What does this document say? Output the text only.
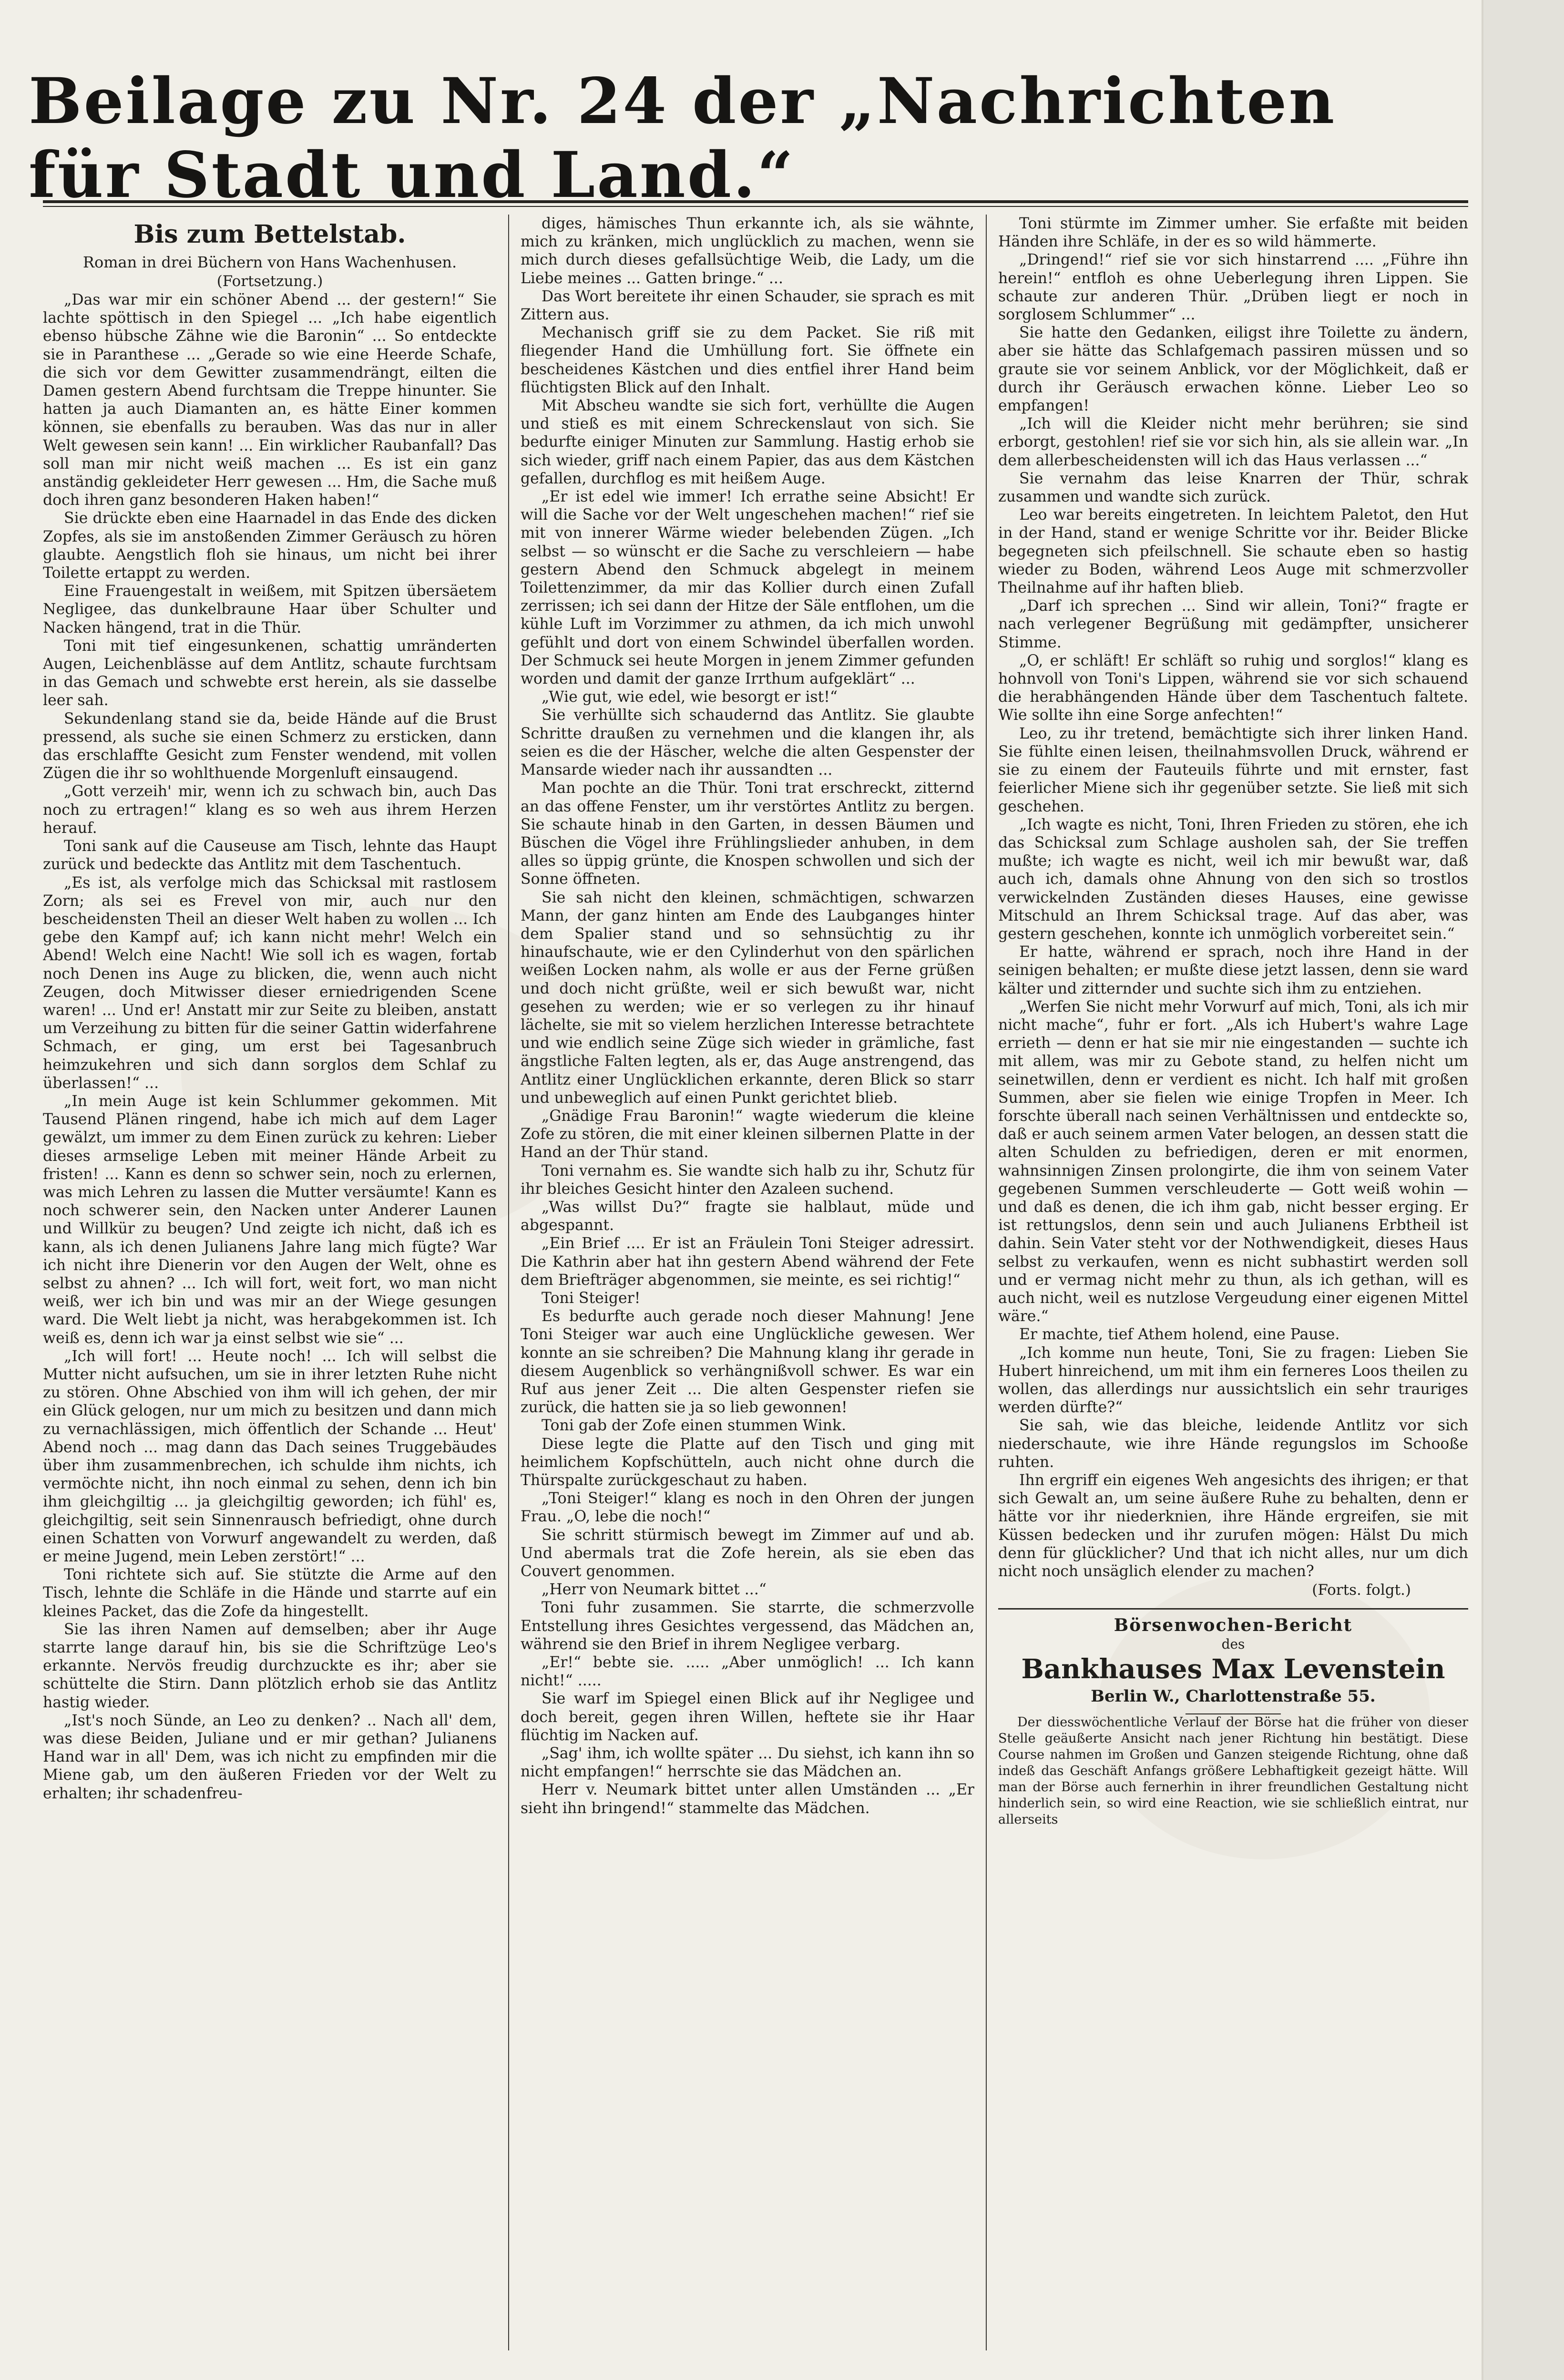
Beilage zu Nr. 24 der „Nachrichten für Stadt und Land.“
Bis zum Bettelstab.

Roman in drei Büchern von Hans Wachenhusen.

(Fortsetzung.)

„Das war mir ein schöner Abend ... der gestern!“ Sie lachte spöttisch in den Spiegel ... „Ich habe eigentlich ebenso hübsche Zähne wie die Baronin“ ... So entdeckte sie in Paranthese ... „Gerade so wie eine Heerde Schafe, die sich vor dem Gewitter zusammendrängt, eilten die Damen gestern Abend furchtsam die Treppe hinunter. Sie hatten ja auch Diamanten an, es hätte Einer kommen können, sie ebenfalls zu berauben. Was das nur in aller Welt gewesen sein kann! ... Ein wirklicher Raubanfall? Das soll man mir nicht weiß machen ... Es ist ein ganz anständig gekleideter Herr gewesen ... Hm, die Sache muß doch ihren ganz besonderen Haken haben!“

Sie drückte eben eine Haarnadel in das Ende des dicken Zopfes, als sie im anstoßenden Zimmer Geräusch zu hören glaubte. Aengstlich floh sie hinaus, um nicht bei ihrer Toilette ertappt zu werden.

Eine Frauengestalt in weißem, mit Spitzen übersäetem Negligee, das dunkelbraune Haar über Schulter und Nacken hängend, trat in die Thür.

Toni mit tief eingesunkenen, schattig umränderten Augen, Leichenblässe auf dem Antlitz, schaute furchtsam in das Gemach und schwebte erst herein, als sie dasselbe leer sah.

Sekundenlang stand sie da, beide Hände auf die Brust pressend, als suche sie einen Schmerz zu ersticken, dann das erschlaffte Gesicht zum Fenster wendend, mit vollen Zügen die ihr so wohlthuende Morgenluft einsaugend.

„Gott verzeih' mir, wenn ich zu schwach bin, auch Das noch zu ertragen!“ klang es so weh aus ihrem Herzen herauf.

Toni sank auf die Causeuse am Tisch, lehnte das Haupt zurück und bedeckte das Antlitz mit dem Taschentuch.

„Es ist, als verfolge mich das Schicksal mit rastlosem Zorn; als sei es Frevel von mir, auch nur den bescheidensten Theil an dieser Welt haben zu wollen ... Ich gebe den Kampf auf; ich kann nicht mehr! Welch ein Abend! Welch eine Nacht! Wie soll ich es wagen, fortab noch Denen ins Auge zu blicken, die, wenn auch nicht Zeugen, doch Mitwisser dieser erniedrigenden Scene waren! ... Und er! Anstatt mir zur Seite zu bleiben, anstatt um Verzeihung zu bitten für die seiner Gattin widerfahrene Schmach, er ging, um erst bei Tagesanbruch heimzukehren und sich dann sorglos dem Schlaf zu überlassen!“ ...

„In mein Auge ist kein Schlummer gekommen. Mit Tausend Plänen ringend, habe ich mich auf dem Lager gewälzt, um immer zu dem Einen zurück zu kehren: Lieber dieses armselige Leben mit meiner Hände Arbeit zu fristen! ... Kann es denn so schwer sein, noch zu erlernen, was mich Lehren zu lassen die Mutter versäumte! Kann es noch schwerer sein, den Nacken unter Anderer Launen und Willkür zu beugen? Und zeigte ich nicht, daß ich es kann, als ich denen Julianens Jahre lang mich fügte? War ich nicht ihre Dienerin vor den Augen der Welt, ohne es selbst zu ahnen? ... Ich will fort, weit fort, wo man nicht weiß, wer ich bin und was mir an der Wiege gesungen ward. Die Welt liebt ja nicht, was herabgekommen ist. Ich weiß es, denn ich war ja einst selbst wie sie“ ...

„Ich will fort! ... Heute noch! ... Ich will selbst die Mutter nicht aufsuchen, um sie in ihrer letzten Ruhe nicht zu stören. Ohne Abschied von ihm will ich gehen, der mir ein Glück gelogen, nur um mich zu besitzen und dann mich zu vernachlässigen, mich öffentlich der Schande ... Heut' Abend noch ... mag dann das Dach seines Truggebäudes über ihm zusammenbrechen, ich schulde ihm nichts, ich vermöchte nicht, ihn noch einmal zu sehen, denn ich bin ihm gleichgiltig ... ja gleichgiltig geworden; ich fühl' es, gleichgiltig, seit sein Sinnenrausch befriedigt, ohne durch einen Schatten von Vorwurf angewandelt zu werden, daß er meine Jugend, mein Leben zerstört!“ ...

Toni richtete sich auf. Sie stützte die Arme auf den Tisch, lehnte die Schläfe in die Hände und starrte auf ein kleines Packet, das die Zofe da hingestellt.

Sie las ihren Namen auf demselben; aber ihr Auge starrte lange darauf hin, bis sie die Schriftzüge Leo's erkannte. Nervös freudig durchzuckte es ihr; aber sie schüttelte die Stirn. Dann plötzlich erhob sie das Antlitz hastig wieder.

„Ist's noch Sünde, an Leo zu denken? .. Nach all' dem, was diese Beiden, Juliane und er mir gethan? Julianens Hand war in all' Dem, was ich nicht zu empfinden mir die Miene gab, um den äußeren Frieden vor der Welt zu erhalten; ihr schadenfreu-

diges, hämisches Thun erkannte ich, als sie wähnte, mich zu kränken, mich unglücklich zu machen, wenn sie mich durch dieses gefallsüchtige Weib, die Lady, um die Liebe meines ... Gatten bringe.“ ...

Das Wort bereitete ihr einen Schauder, sie sprach es mit Zittern aus.

Mechanisch griff sie zu dem Packet. Sie riß mit fliegender Hand die Umhüllung fort. Sie öffnete ein bescheidenes Kästchen und dies entfiel ihrer Hand beim flüchtigsten Blick auf den Inhalt.

Mit Abscheu wandte sie sich fort, verhüllte die Augen und stieß es mit einem Schreckenslaut von sich. Sie bedurfte einiger Minuten zur Sammlung. Hastig erhob sie sich wieder, griff nach einem Papier, das aus dem Kästchen gefallen, durchflog es mit heißem Auge.

„Er ist edel wie immer! Ich errathe seine Absicht! Er will die Sache vor der Welt ungeschehen machen!“ rief sie mit von innerer Wärme wieder belebenden Zügen. „Ich selbst — so wünscht er die Sache zu verschleiern — habe gestern Abend den Schmuck abgelegt in meinem Toilettenzimmer, da mir das Kollier durch einen Zufall zerrissen; ich sei dann der Hitze der Säle entflohen, um die kühle Luft im Vorzimmer zu athmen, da ich mich unwohl gefühlt und dort von einem Schwindel überfallen worden. Der Schmuck sei heute Morgen in jenem Zimmer gefunden worden und damit der ganze Irrthum aufgeklärt“ ...

„Wie gut, wie edel, wie besorgt er ist!“

Sie verhüllte sich schaudernd das Antlitz. Sie glaubte Schritte draußen zu vernehmen und die klangen ihr, als seien es die der Häscher, welche die alten Gespenster der Mansarde wieder nach ihr aussandten ...

Man pochte an die Thür. Toni trat erschreckt, zitternd an das offene Fenster, um ihr verstörtes Antlitz zu bergen. Sie schaute hinab in den Garten, in dessen Bäumen und Büschen die Vögel ihre Frühlingslieder anhuben, in dem alles so üppig grünte, die Knospen schwollen und sich der Sonne öffneten.

Sie sah nicht den kleinen, schmächtigen, schwarzen Mann, der ganz hinten am Ende des Laubganges hinter dem Spalier stand und so sehnsüchtig zu ihr hinaufschaute, wie er den Cylinderhut von den spärlichen weißen Locken nahm, als wolle er aus der Ferne grüßen und doch nicht grüßte, weil er sich bewußt war, nicht gesehen zu werden; wie er so verlegen zu ihr hinauf lächelte, sie mit so vielem herzlichen Interesse betrachtete und wie endlich seine Züge sich wieder in grämliche, fast ängstliche Falten legten, als er, das Auge anstrengend, das Antlitz einer Unglücklichen erkannte, deren Blick so starr und unbeweglich auf einen Punkt gerichtet blieb.

„Gnädige Frau Baronin!“ wagte wiederum die kleine Zofe zu stören, die mit einer kleinen silbernen Platte in der Hand an der Thür stand.

Toni vernahm es. Sie wandte sich halb zu ihr, Schutz für ihr bleiches Gesicht hinter den Azaleen suchend.

„Was willst Du?“ fragte sie halblaut, müde und abgespannt.

„Ein Brief .... Er ist an Fräulein Toni Steiger adressirt. Die Kathrin aber hat ihn gestern Abend während der Fete dem Briefträger abgenommen, sie meinte, es sei richtig!“

Toni Steiger!

Es bedurfte auch gerade noch dieser Mahnung! Jene Toni Steiger war auch eine Unglückliche gewesen. Wer konnte an sie schreiben? Die Mahnung klang ihr gerade in diesem Augenblick so verhängnißvoll schwer. Es war ein Ruf aus jener Zeit ... Die alten Gespenster riefen sie zurück, die hatten sie ja so lieb gewonnen!

Toni gab der Zofe einen stummen Wink.

Diese legte die Platte auf den Tisch und ging mit heimlichem Kopfschütteln, auch nicht ohne durch die Thürspalte zurückgeschaut zu haben.

„Toni Steiger!“ klang es noch in den Ohren der jungen Frau. „O, lebe die noch!“

Sie schritt stürmisch bewegt im Zimmer auf und ab. Und abermals trat die Zofe herein, als sie eben das Couvert genommen.

„Herr von Neumark bittet ...“

Toni fuhr zusammen. Sie starrte, die schmerzvolle Entstellung ihres Gesichtes vergessend, das Mädchen an, während sie den Brief in ihrem Negligee verbarg.

„Er!“ bebte sie. ..... „Aber unmöglich! ... Ich kann nicht!“ .....

Sie warf im Spiegel einen Blick auf ihr Negligee und doch bereit, gegen ihren Willen, heftete sie ihr Haar flüchtig im Nacken auf.

„Sag' ihm, ich wollte später ... Du siehst, ich kann ihn so nicht empfangen!“ herrschte sie das Mädchen an.

Herr v. Neumark bittet unter allen Umständen ... „Er sieht ihn bringend!“ stammelte das Mädchen.

Toni stürmte im Zimmer umher. Sie erfaßte mit beiden Händen ihre Schläfe, in der es so wild hämmerte.

„Dringend!“ rief sie vor sich hinstarrend .... „Führe ihn herein!“ entfloh es ohne Ueberlegung ihren Lippen. Sie schaute zur anderen Thür. „Drüben liegt er noch in sorglosem Schlummer“ ...

Sie hatte den Gedanken, eiligst ihre Toilette zu ändern, aber sie hätte das Schlafgemach passiren müssen und so graute sie vor seinem Anblick, vor der Möglichkeit, daß er durch ihr Geräusch erwachen könne. Lieber Leo so empfangen!

„Ich will die Kleider nicht mehr berühren; sie sind erborgt, gestohlen! rief sie vor sich hin, als sie allein war. „In dem allerbescheidensten will ich das Haus verlassen ...“

Sie vernahm das leise Knarren der Thür, schrak zusammen und wandte sich zurück.

Leo war bereits eingetreten. In leichtem Paletot, den Hut in der Hand, stand er wenige Schritte vor ihr. Beider Blicke begegneten sich pfeilschnell. Sie schaute eben so hastig wieder zu Boden, während Leos Auge mit schmerzvoller Theilnahme auf ihr haften blieb.

„Darf ich sprechen ... Sind wir allein, Toni?“ fragte er nach verlegener Begrüßung mit gedämpfter, unsicherer Stimme.

„O, er schläft! Er schläft so ruhig und sorglos!“ klang es hohnvoll von Toni's Lippen, während sie vor sich schauend die herabhängenden Hände über dem Taschentuch faltete. Wie sollte ihn eine Sorge anfechten!“

Leo, zu ihr tretend, bemächtigte sich ihrer linken Hand. Sie fühlte einen leisen, theilnahmsvollen Druck, während er sie zu einem der Fauteuils führte und mit ernster, fast feierlicher Miene sich ihr gegenüber setzte. Sie ließ mit sich geschehen.

„Ich wagte es nicht, Toni, Ihren Frieden zu stören, ehe ich das Schicksal zum Schlage ausholen sah, der Sie treffen mußte; ich wagte es nicht, weil ich mir bewußt war, daß auch ich, damals ohne Ahnung von den sich so trostlos verwickelnden Zuständen dieses Hauses, eine gewisse Mitschuld an Ihrem Schicksal trage. Auf das aber, was gestern geschehen, konnte ich unmöglich vorbereitet sein.“

Er hatte, während er sprach, noch ihre Hand in der seinigen behalten; er mußte diese jetzt lassen, denn sie ward kälter und zitternder und suchte sich ihm zu entziehen.

„Werfen Sie nicht mehr Vorwurf auf mich, Toni, als ich mir nicht mache“, fuhr er fort. „Als ich Hubert's wahre Lage errieth — denn er hat sie mir nie eingestanden — suchte ich mit allem, was mir zu Gebote stand, zu helfen nicht um seinetwillen, denn er verdient es nicht. Ich half mit großen Summen, aber sie fielen wie einige Tropfen in Meer. Ich forschte überall nach seinen Verhältnissen und entdeckte so, daß er auch seinem armen Vater belogen, an dessen statt die alten Schulden zu befriedigen, deren er mit enormen, wahnsinnigen Zinsen prolongirte, die ihm von seinem Vater gegebenen Summen verschleuderte — Gott weiß wohin — und daß es denen, die ich ihm gab, nicht besser erging. Er ist rettungslos, denn sein und auch Julianens Erbtheil ist dahin. Sein Vater steht vor der Nothwendigkeit, dieses Haus selbst zu verkaufen, wenn es nicht subhastirt werden soll und er vermag nicht mehr zu thun, als ich gethan, will es auch nicht, weil es nutzlose Vergeudung einer eigenen Mittel wäre.“

Er machte, tief Athem holend, eine Pause.

„Ich komme nun heute, Toni, Sie zu fragen: Lieben Sie Hubert hinreichend, um mit ihm ein ferneres Loos theilen zu wollen, das allerdings nur aussichtslich ein sehr trauriges werden dürfte?“

Sie sah, wie das bleiche, leidende Antlitz vor sich niederschaute, wie ihre Hände regungslos im Schooße ruhten.

Ihn ergriff ein eigenes Weh angesichts des ihrigen; er that sich Gewalt an, um seine äußere Ruhe zu behalten, denn er hätte vor ihr niederknien, ihre Hände ergreifen, sie mit Küssen bedecken und ihr zurufen mögen: Hälst Du mich denn für glücklicher? Und that ich nicht alles, nur um dich nicht noch unsäglich elender zu machen?

(Forts. folgt.)

Börsenwochen-Bericht

des

Bankhauses Max Levenstein

Berlin W., Charlottenstraße 55.

Der diesswöchentliche Verlauf der Börse hat die früher von dieser Stelle geäußerte Ansicht nach jener Richtung hin bestätigt. Diese Course nahmen im Großen und Ganzen steigende Richtung, ohne daß indeß das Geschäft Anfangs größere Lebhaftigkeit gezeigt hätte. Will man der Börse auch fernerhin in ihrer freundlichen Gestaltung nicht hinderlich sein, so wird eine Reaction, wie sie schließlich eintrat, nur allerseits
